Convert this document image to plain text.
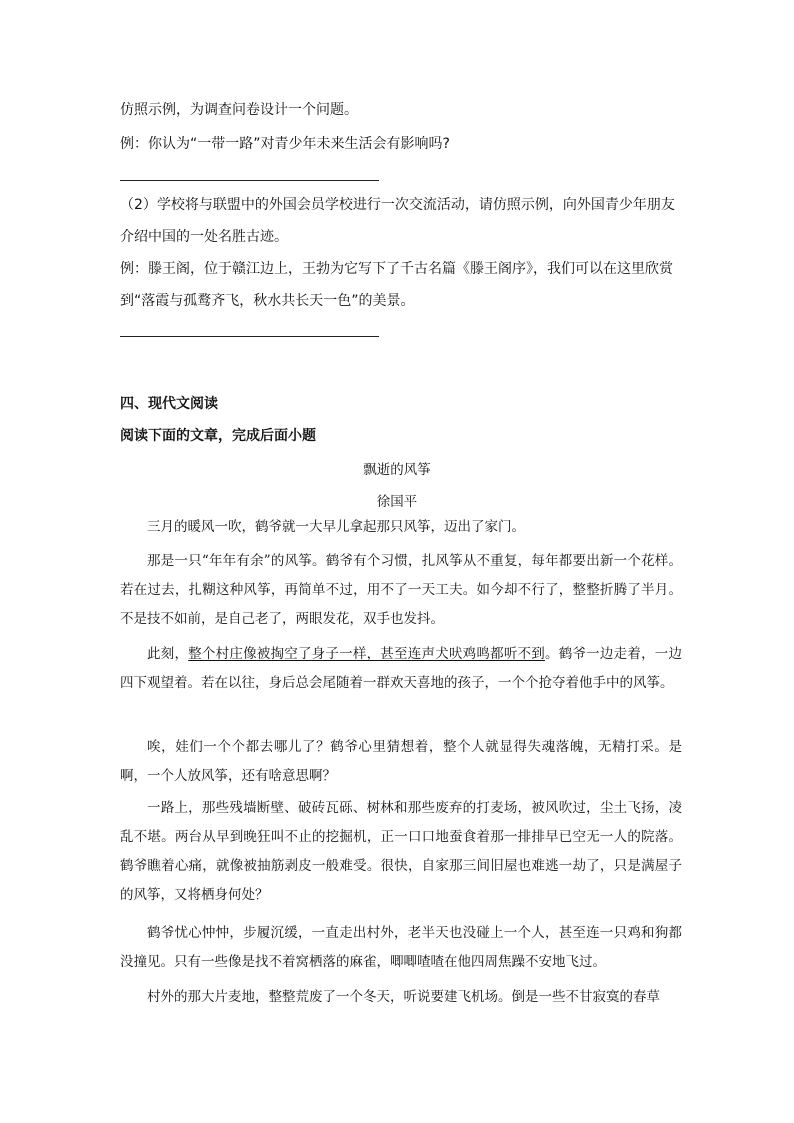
仿照示例，为调查问卷设计一个问题。
例：你认为“一带一路”对青少年未来生活会有影响吗?
（2）学校将与联盟中的外国会员学校进行一次交流活动，请仿照示例，向外国青少年朋友
介绍中国的一处名胜古迹。
例：滕王阁，位于赣江边上，王勃为它写下了千古名篇《滕王阁序》，我们可以在这里欣赏
到“落霞与孤鹜齐飞，秋水共长天一色”的美景。
四、现代文阅读
阅读下面的文章，完成后面小题
飘逝的风筝
徐国平
三月的暖风一吹，鹤爷就一大早儿拿起那只风筝，迈出了家门。
那是一只“年年有余”的风筝。鹤爷有个习惯，扎风筝从不重复，每年都要出新一个花样。若在过去，扎糊这种风筝，再简单不过，用不了一天工夫。如今却不行了，整整折腾了半月。不是技不如前，是自己老了，两眼发花，双手也发抖。
此刻，整个村庄像被掏空了身子一样，甚至连声犬吠鸡鸣都听不到。鹤爷一边走着，一边四下观望着。若在以往，身后总会尾随着一群欢天喜地的孩子，一个个抢夺着他手中的风筝。
唉，娃们一个个都去哪儿了？鹤爷心里猜想着，整个人就显得失魂落魄，无精打采。是啊，一个人放风筝，还有啥意思啊？
一路上，那些残墙断壁、破砖瓦砾、树林和那些废弃的打麦场，被风吹过，尘土飞扬，凌乱不堪。两台从早到晚狂叫不止的挖掘机，正一口口地蚕食着那一排排早已空无一人的院落。鹤爷瞧着心痛，就像被抽筋剥皮一般难受。很快，自家那三间旧屋也难逃一劫了，只是满屋子的风筝，又将栖身何处？
鹤爷忧心忡忡，步履沉缓，一直走出村外，老半天也没碰上一个人，甚至连一只鸡和狗都没撞见。只有一些像是找不着窝栖落的麻雀，唧唧喳喳在他四周焦躁不安地飞过。
村外的那大片麦地，整整荒废了一个冬天，听说要建飞机场。倒是一些不甘寂寞的春草
